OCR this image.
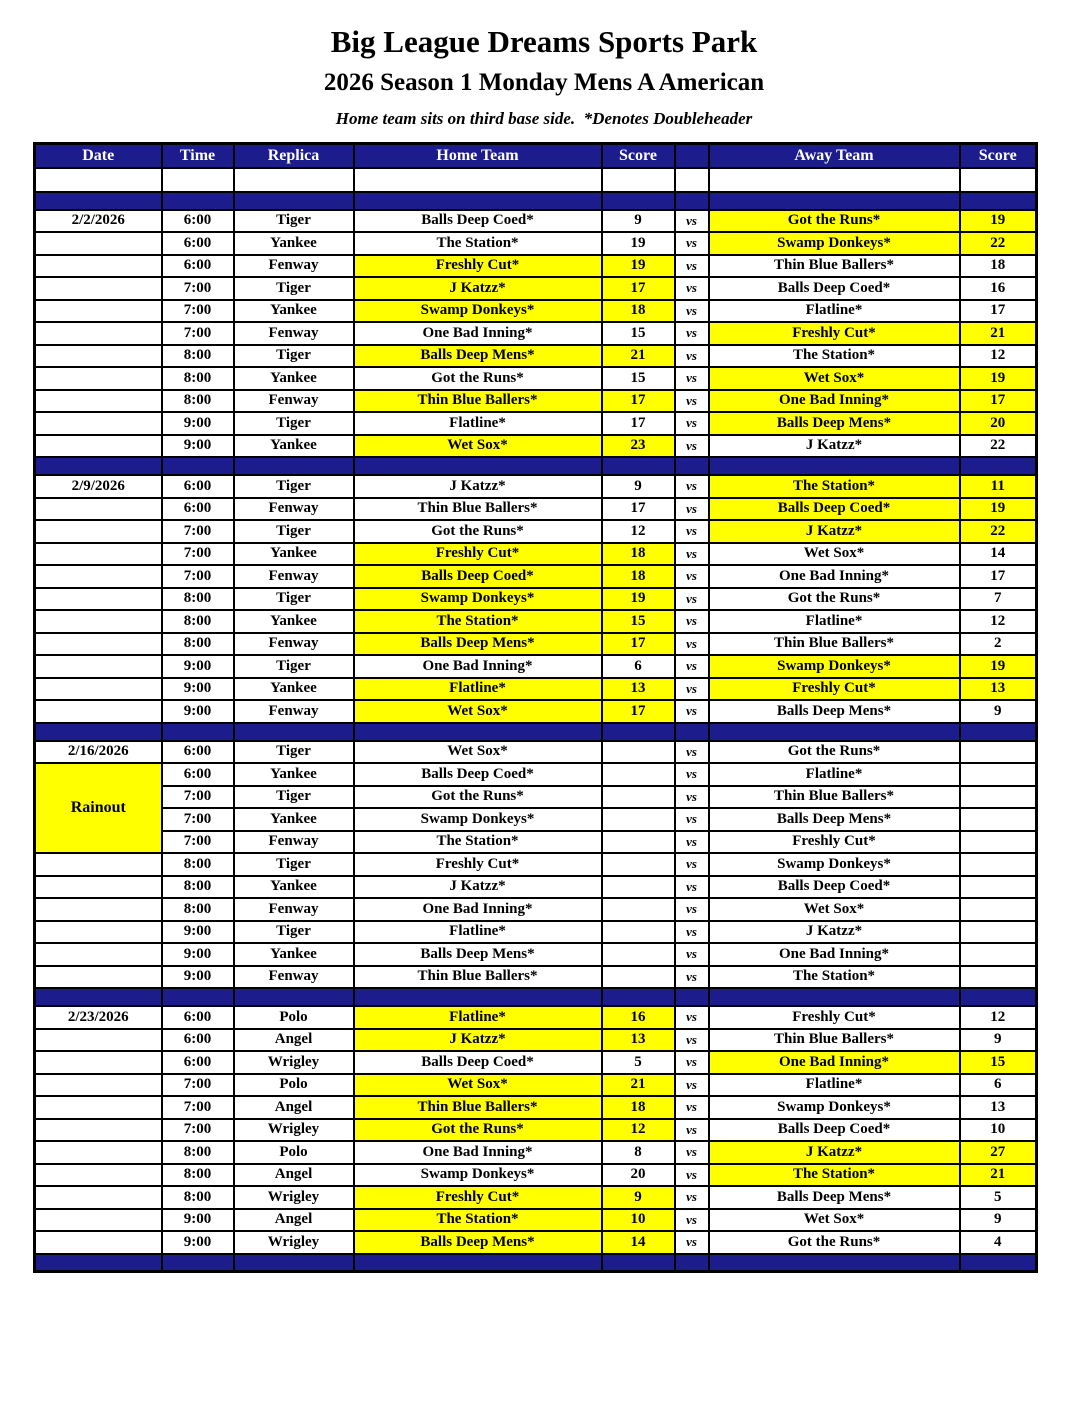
Big League Dreams Sports Park
2026 Season 1 Monday Mens A American
Home team sits on third base side.  *Denotes Doubleheader
Date	Time	Replica	Home Team	Score		Away Team	Score

2/2/2026	6:00	Tiger	Balls Deep Coed*	9	vs	Got the Runs*	19
	6:00	Yankee	The Station*	19	vs	Swamp Donkeys*	22
	6:00	Fenway	Freshly Cut*	19	vs	Thin Blue Ballers*	18
	7:00	Tiger	J Katzz*	17	vs	Balls Deep Coed*	16
	7:00	Yankee	Swamp Donkeys*	18	vs	Flatline*	17
	7:00	Fenway	One Bad Inning*	15	vs	Freshly Cut*	21
	8:00	Tiger	Balls Deep Mens*	21	vs	The Station*	12
	8:00	Yankee	Got the Runs*	15	vs	Wet Sox*	19
	8:00	Fenway	Thin Blue Ballers*	17	vs	One Bad Inning*	17
	9:00	Tiger	Flatline*	17	vs	Balls Deep Mens*	20
	9:00	Yankee	Wet Sox*	23	vs	J Katzz*	22

2/9/2026	6:00	Tiger	J Katzz*	9	vs	The Station*	11
	6:00	Fenway	Thin Blue Ballers*	17	vs	Balls Deep Coed*	19
	7:00	Tiger	Got the Runs*	12	vs	J Katzz*	22
	7:00	Yankee	Freshly Cut*	18	vs	Wet Sox*	14
	7:00	Fenway	Balls Deep Coed*	18	vs	One Bad Inning*	17
	8:00	Tiger	Swamp Donkeys*	19	vs	Got the Runs*	7
	8:00	Yankee	The Station*	15	vs	Flatline*	12
	8:00	Fenway	Balls Deep Mens*	17	vs	Thin Blue Ballers*	2
	9:00	Tiger	One Bad Inning*	6	vs	Swamp Donkeys*	19
	9:00	Yankee	Flatline*	13	vs	Freshly Cut*	13
	9:00	Fenway	Wet Sox*	17	vs	Balls Deep Mens*	9

2/16/2026	6:00	Tiger	Wet Sox*		vs	Got the Runs*	
Rainout	6:00	Yankee	Balls Deep Coed*		vs	Flatline*	
	7:00	Tiger	Got the Runs*		vs	Thin Blue Ballers*	
	7:00	Yankee	Swamp Donkeys*		vs	Balls Deep Mens*	
	7:00	Fenway	The Station*		vs	Freshly Cut*	
	8:00	Tiger	Freshly Cut*		vs	Swamp Donkeys*	
	8:00	Yankee	J Katzz*		vs	Balls Deep Coed*	
	8:00	Fenway	One Bad Inning*		vs	Wet Sox*	
	9:00	Tiger	Flatline*		vs	J Katzz*	
	9:00	Yankee	Balls Deep Mens*		vs	One Bad Inning*	
	9:00	Fenway	Thin Blue Ballers*		vs	The Station*	

2/23/2026	6:00	Polo	Flatline*	16	vs	Freshly Cut*	12
	6:00	Angel	J Katzz*	13	vs	Thin Blue Ballers*	9
	6:00	Wrigley	Balls Deep Coed*	5	vs	One Bad Inning*	15
	7:00	Polo	Wet Sox*	21	vs	Flatline*	6
	7:00	Angel	Thin Blue Ballers*	18	vs	Swamp Donkeys*	13
	7:00	Wrigley	Got the Runs*	12	vs	Balls Deep Coed*	10
	8:00	Polo	One Bad Inning*	8	vs	J Katzz*	27
	8:00	Angel	Swamp Donkeys*	20	vs	The Station*	21
	8:00	Wrigley	Freshly Cut*	9	vs	Balls Deep Mens*	5
	9:00	Angel	The Station*	10	vs	Wet Sox*	9
	9:00	Wrigley	Balls Deep Mens*	14	vs	Got the Runs*	4
